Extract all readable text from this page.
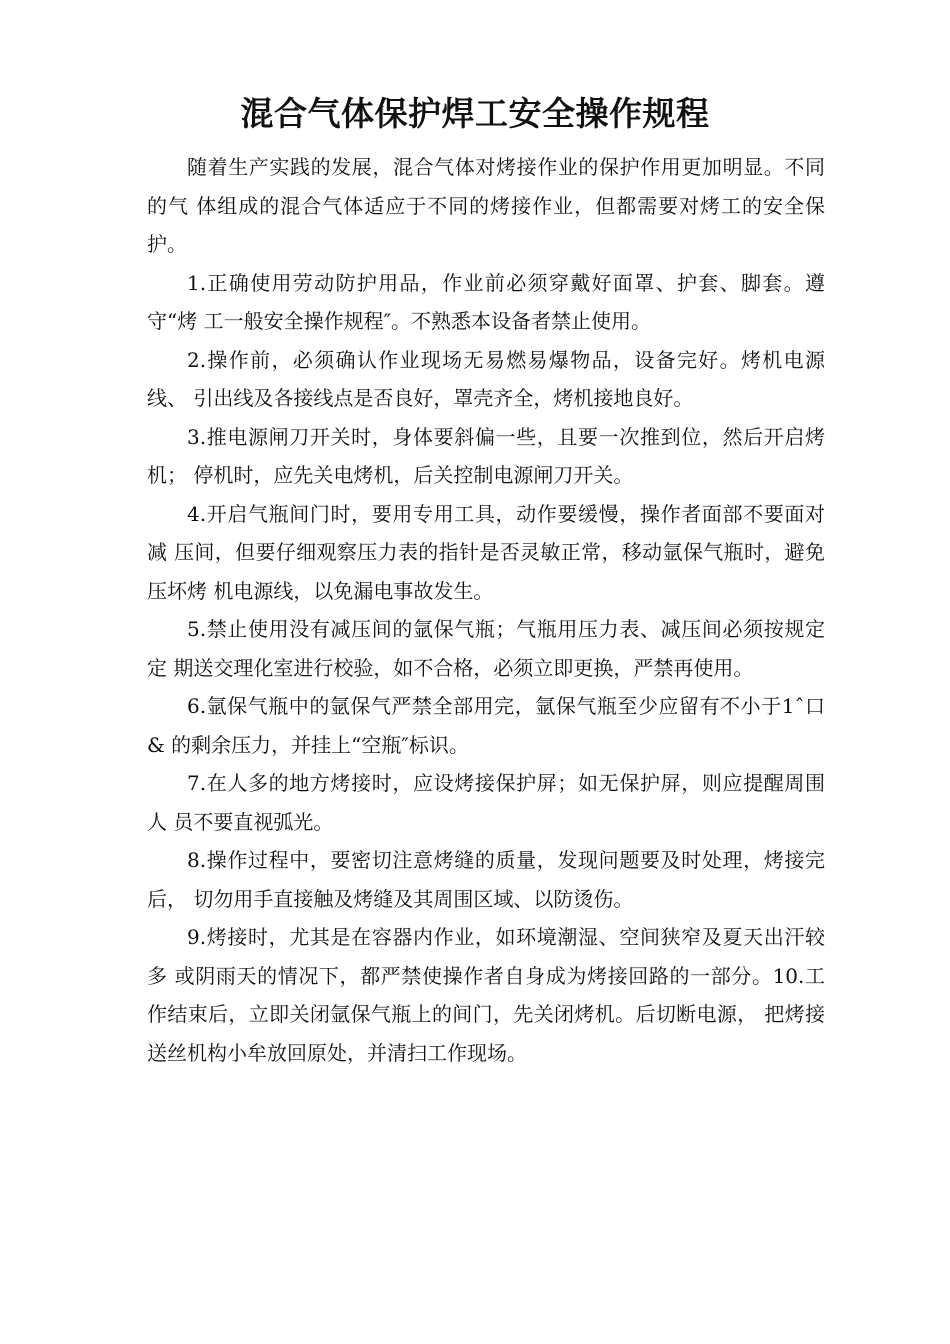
混合气体保护焊工安全操作规程

随着生产实践的发展，混合气体对烤接作业的保护作用更加明显。不同的气 体组成的混合气体适应于不同的烤接作业，但都需要对烤工的安全保护。

1.正确使用劳动防护用品，作业前必须穿戴好面罩、护套、脚套。遵守“烤 工一般安全操作规程″。不熟悉本设备者禁止使用。

2.操作前，必须确认作业现场无易燃易爆物品，设备完好。烤机电源线、 引出线及各接线点是否良好，罩壳齐全，烤机接地良好。

3.推电源闸刀开关时，身体要斜偏一些，且要一次推到位，然后开启烤机； 停机时，应先关电烤机，后关控制电源闸刀开关。

4.开启气瓶间门时，要用专用工具，动作要缓慢，操作者面部不要面对减 压间，但要仔细观察压力表的指针是否灵敏正常，移动氩保气瓶时，避免压坏烤 机电源线，以免漏电事故发生。

5.禁止使用没有减压间的氩保气瓶；气瓶用压力表、减压间必须按规定定 期送交理化室进行校验，如不合格，必须立即更换，严禁再使用。

6.氩保气瓶中的氩保气严禁全部用完，氩保气瓶至少应留有不小于1ˆ口& 的剩余压力，并挂上“空瓶″标识。

7.在人多的地方烤接时，应设烤接保护屏；如无保护屏，则应提醒周围人 员不要直视弧光。

8.操作过程中，要密切注意烤缝的质量，发现问题要及时处理，烤接完后， 切勿用手直接触及烤缝及其周围区域、以防烫伤。

9.烤接时，尤其是在容器内作业，如环境潮湿、空间狭窄及夏天出汗较多 或阴雨天的情况下，都严禁使操作者自身成为烤接回路的一部分。10.工作结束后，立即关闭氩保气瓶上的间门，先关闭烤机。后切断电源， 把烤接送丝机构小牟放回原处，并清扫工作现场。
